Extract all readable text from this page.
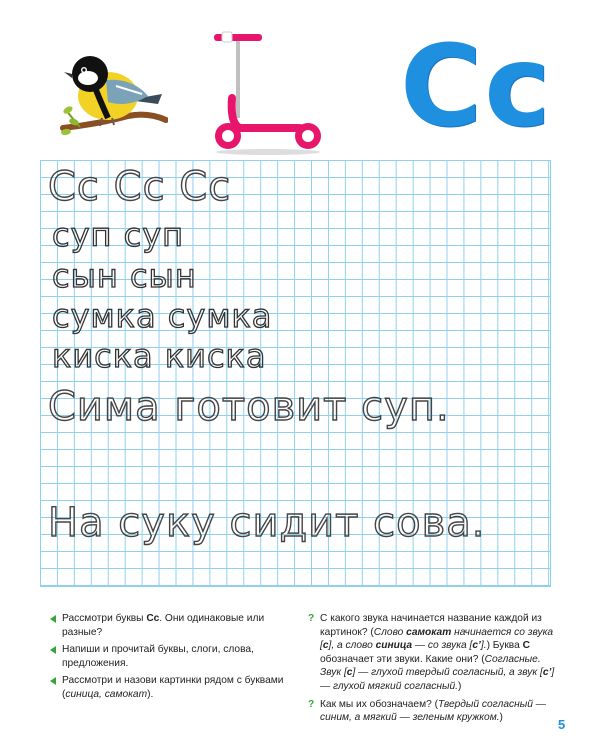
Cc
Сс Сс Сс
суп суп
сын сын
сумка сумка
киска киска
Сима готовит суп.
На суку сидит сова.
Рассмотри буквы Сс. Они одинаковые или разные?
Напиши и прочитай буквы, слоги, слова, предложения.
Рассмотри и назови картинки рядом с буквами (синица, самокат).
? С какого звука начинается название каждой из картинок? (Слово самокат начинается со звука [с], а слово синица — со звука [с’].) Буква С обозначает эти звуки. Какие они? (Согласные. Звук [с] — глухой твердый согласный, а звук [с’] — глухой мягкий согласный.)
? Как мы их обозначаем? (Твердый согласный — синим, а мягкий — зеленым кружком.)	5
